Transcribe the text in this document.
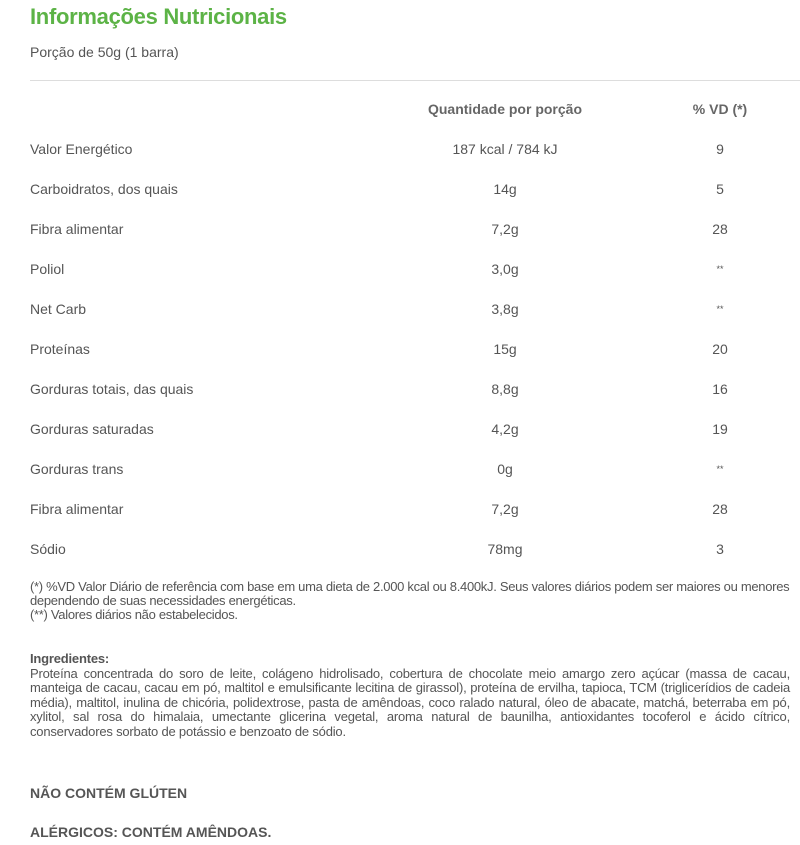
Informações Nutricionais
Porção de 50g (1 barra)
Quantidade por porção	% VD (*)
Valor Energético	187 kcal / 784 kJ	9
Carboidratos, dos quais	14g	5
Fibra alimentar	7,2g	28
Poliol	3,0g	**
Net Carb	3,8g	**
Proteínas	15g	20
Gorduras totais, das quais	8,8g	16
Gorduras saturadas	4,2g	19
Gorduras trans	0g	**
Fibra alimentar	7,2g	28
Sódio	78mg	3
(*) %VD Valor Diário de referência com base em uma dieta de 2.000 kcal ou 8.400kJ. Seus valores diários podem ser maiores ou menores dependendo de suas necessidades energéticas.
(**) Valores diários não estabelecidos.
Ingredientes:
Proteína concentrada do soro de leite, colágeno hidrolisado, cobertura de chocolate meio amargo zero açúcar (massa de cacau, manteiga de cacau, cacau em pó, maltitol e emulsificante lecitina de girassol), proteína de ervilha, tapioca, TCM (triglicerídios de cadeia média), maltitol, inulina de chicória, polidextrose, pasta de amêndoas, coco ralado natural, óleo de abacate, matchá, beterraba em pó, xylitol, sal rosa do himalaia, umectante glicerina vegetal, aroma natural de baunilha, antioxidantes tocoferol e ácido cítrico, conservadores sorbato de potássio e benzoato de sódio.
NÃO CONTÉM GLÚTEN
ALÉRGICOS: CONTÉM AMÊNDOAS.
